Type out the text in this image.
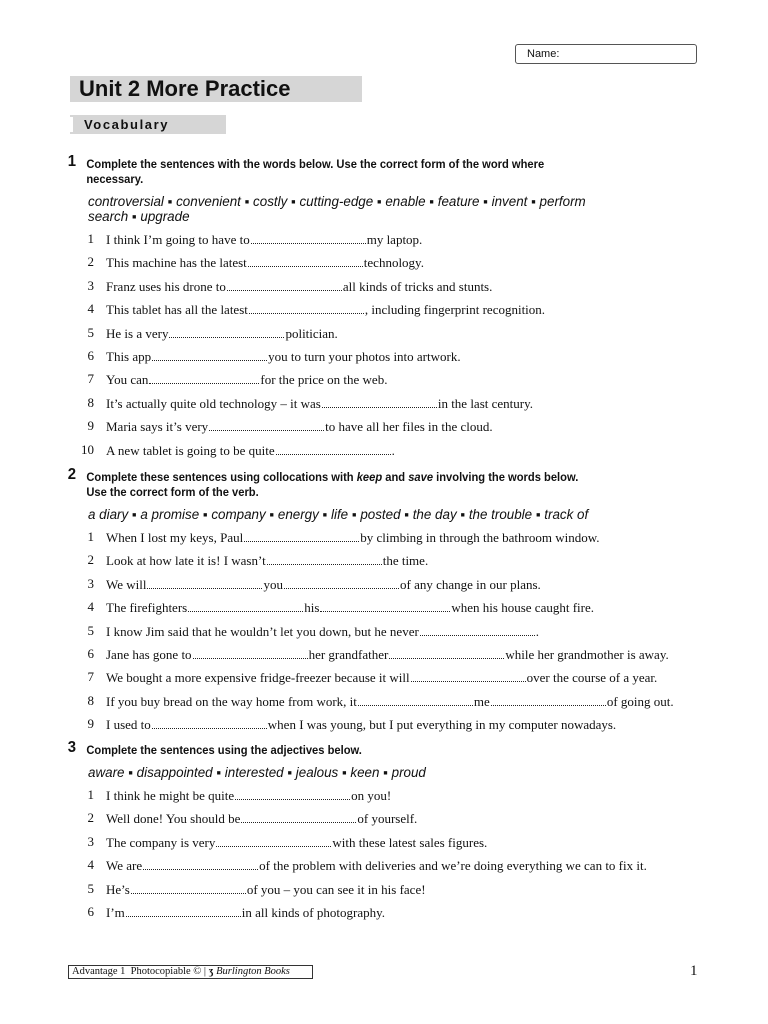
Name:
Unit 2 More Practice
Vocabulary
1 Complete the sentences with the words below. Use the correct form of the word where
necessary.
controversial ▪ convenient ▪ costly ▪ cutting-edge ▪ enable ▪ feature ▪ invent ▪ perform
search ▪ upgrade
1 I think I’m going to have to	my laptop.
2 This machine has the latest	technology.
3 Franz uses his drone to	all kinds of tricks and stunts.
4 This tablet has all the latest	, including fingerprint recognition.
5 He is a very	politician.
6 This app	you to turn your photos into artwork.
7 You can	for the price on the web.
8 It’s actually quite old technology – it was	in the last century.
9 Maria says it’s very	to have all her files in the cloud.
10 A new tablet is going to be quite	.
2 Complete these sentences using collocations with keep and save involving the words below.
Use the correct form of the verb.
a diary ▪ a promise ▪ company ▪ energy ▪ life ▪ posted ▪ the day ▪ the trouble ▪ track of
1 When I lost my keys, Paul	by climbing in through the bathroom window.
2 Look at how late it is! I wasn’t	the time.
3 We will	you	of any change in our plans.
4 The firefighters	his	when his house caught fire.
5 I know Jim said that he wouldn’t let you down, but he never	.
6 Jane has gone to	her grandfather	while her grandmother is away.
7 We bought a more expensive fridge-freezer because it will	over the course of a year.
8 If you buy bread on the way home from work, it	me	of going out.
9 I used to	when I was young, but I put everything in my computer nowadays.
3 Complete the sentences using the adjectives below.
aware ▪ disappointed ▪ interested ▪ jealous ▪ keen ▪ proud
1 I think he might be quite	on you!
2 Well done! You should be	of yourself.
3 The company is very	with these latest sales figures.
4 We are	of the problem with deliveries and we’re doing everything we can to fix it.
5 He’s	of you – you can see it in his face!
6 I’m	in all kinds of photography.
Advantage 1 Photocopiable © | ʒ Burlington Books	1
